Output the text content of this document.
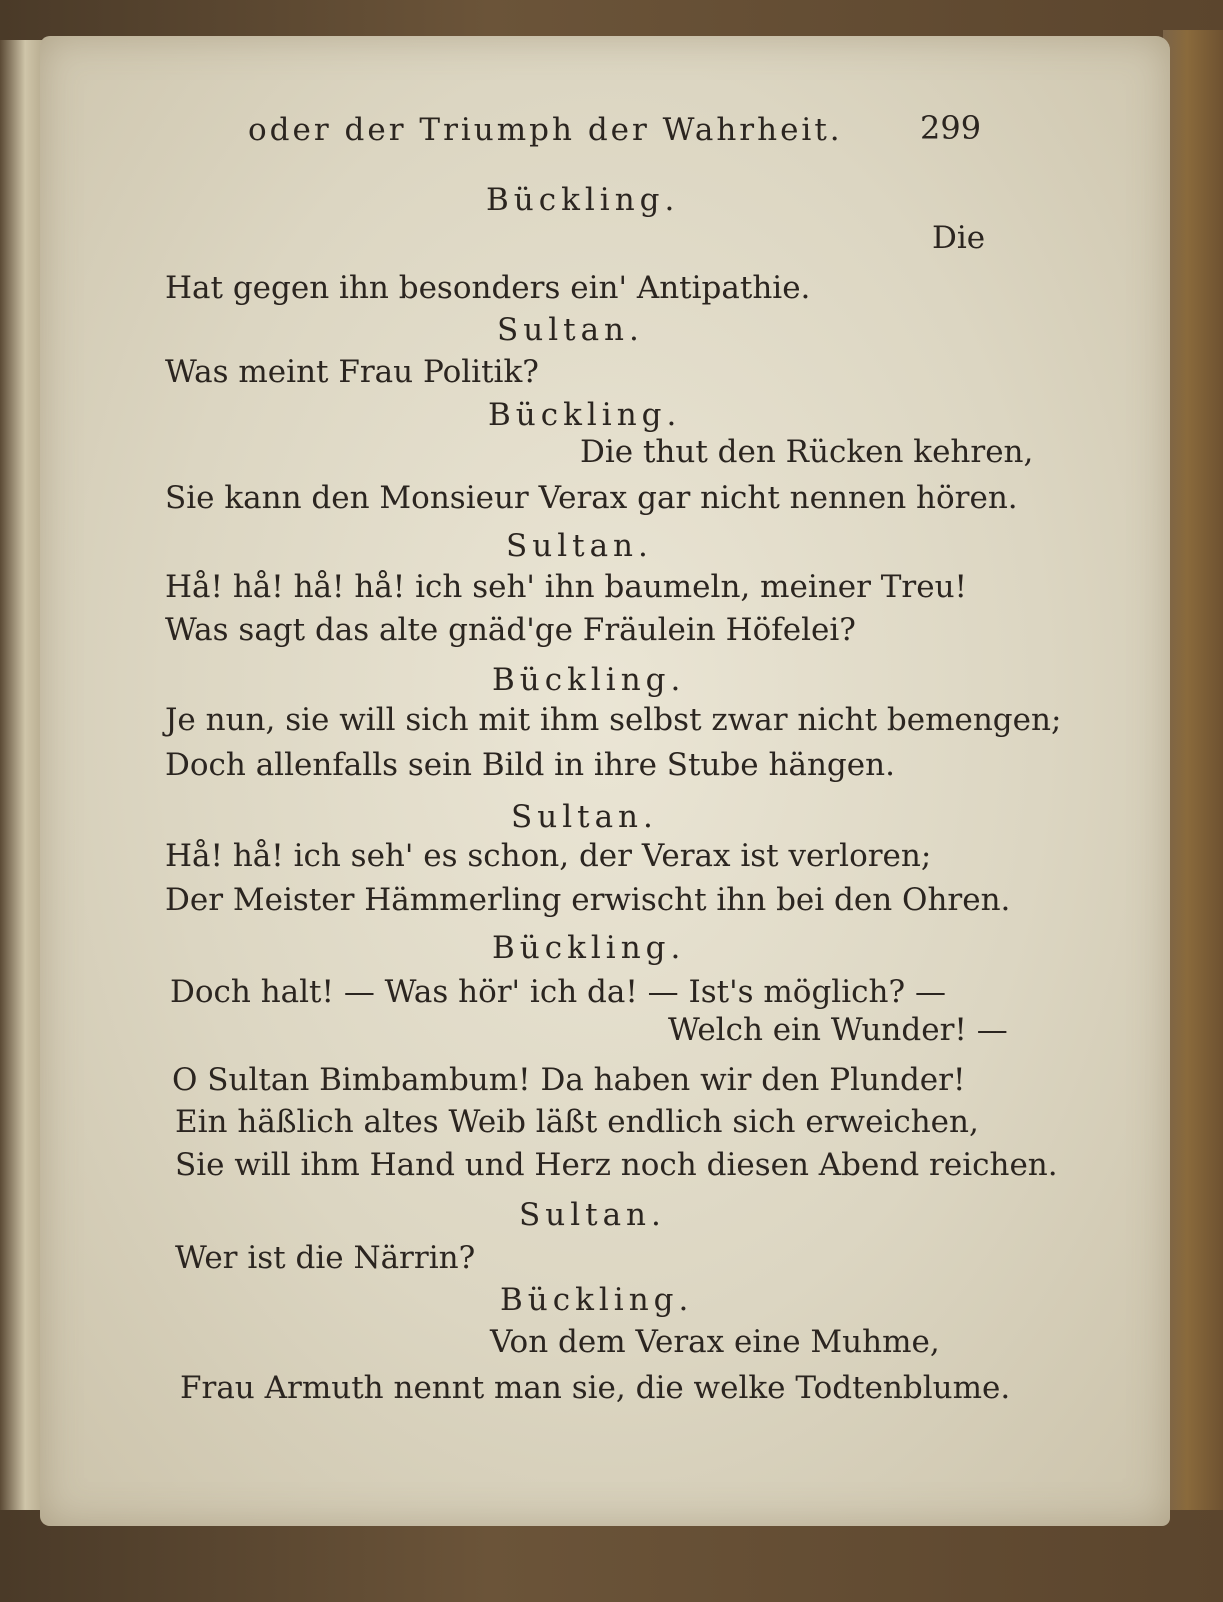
oder der Triumph der Wahrheit. 299
Bückling.
Die
Hat gegen ihn besonders ein' Antipathie.
Sultan.
Was meint Frau Politik?
Bückling.
Die thut den Rücken kehren,
Sie kann den Monsieur Verax gar nicht nennen hören.
Sultan.
Hå! hå! hå! hå! ich seh' ihn baumeln, meiner Treu!
Was sagt das alte gnäd'ge Fräulein Höfelei?
Bückling.
Je nun, sie will sich mit ihm selbst zwar nicht bemengen;
Doch allenfalls sein Bild in ihre Stube hängen.
Sultan.
Hå! hå! ich seh' es schon, der Verax ist verloren;
Der Meister Hämmerling erwischt ihn bei den Ohren.
Bückling.
Doch halt! — Was hör' ich da! — Ist's möglich? —
Welch ein Wunder! —
O Sultan Bimbambum! Da haben wir den Plunder!
Ein häßlich altes Weib läßt endlich sich erweichen,
Sie will ihm Hand und Herz noch diesen Abend reichen.
Sultan.
Wer ist die Närrin?
Bückling.
Von dem Verax eine Muhme,
Frau Armuth nennt man sie, die welke Todtenblume.
